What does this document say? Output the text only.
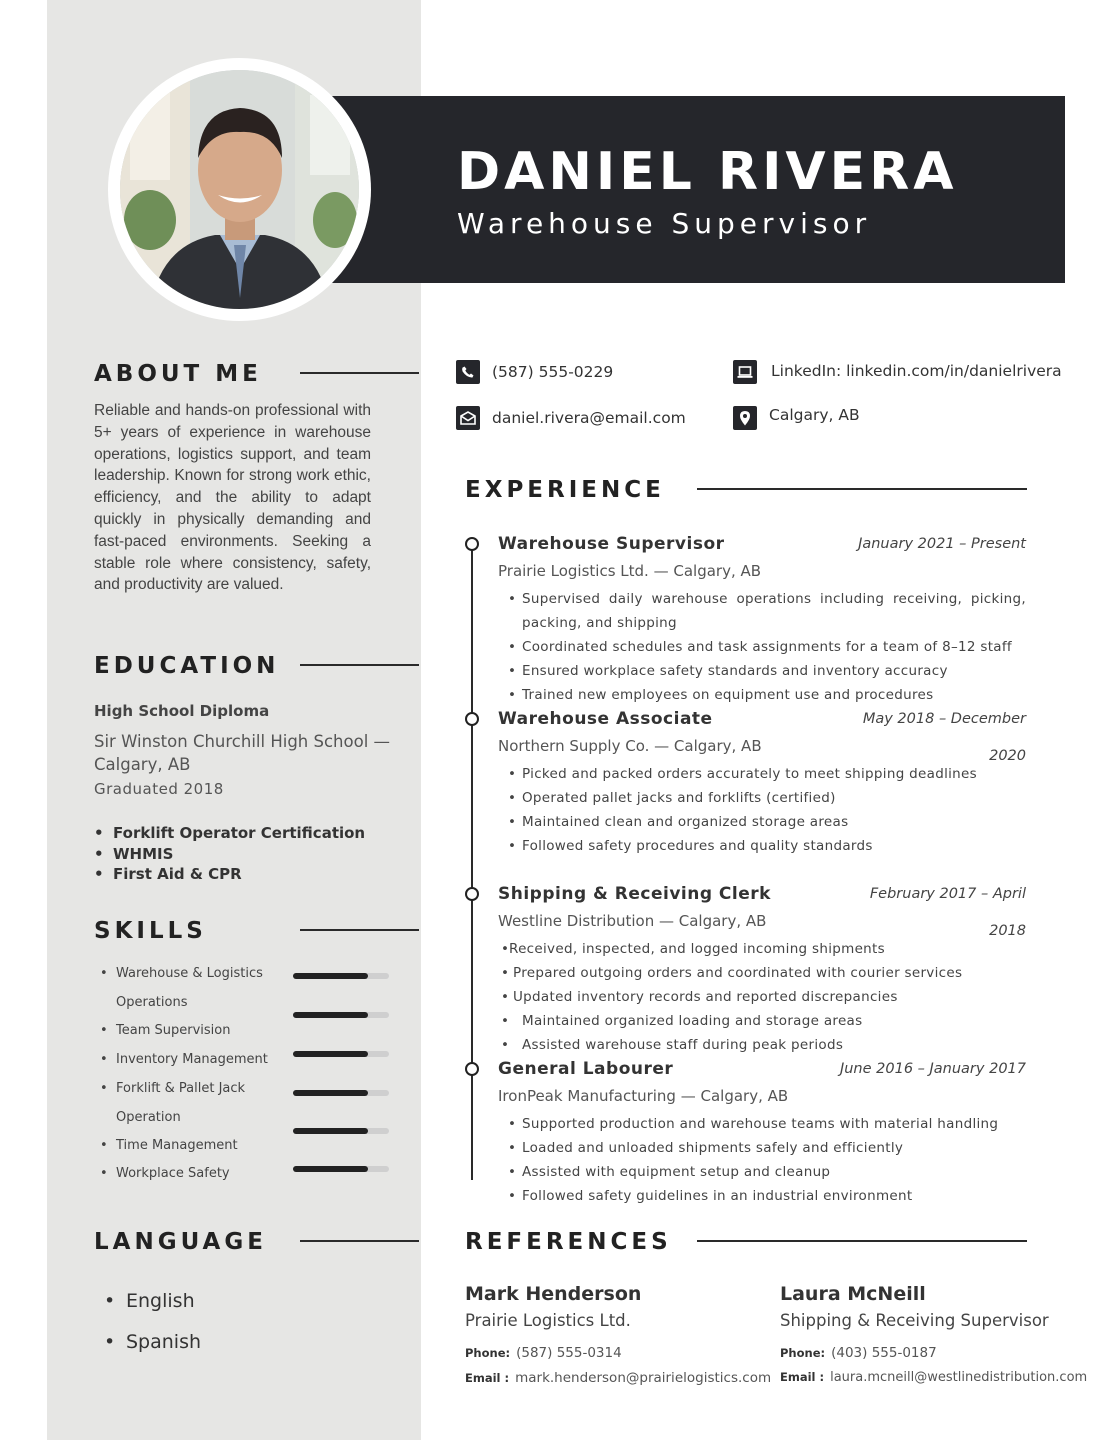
DANIEL RIVERA
Warehouse Supervisor
ABOUT ME
Reliable and hands-on professional with 5+ years of experience in warehouse operations, logistics support, and team leadership. Known for strong work ethic, efficiency, and the ability to adapt quickly in physically demanding and fast-paced environments. Seeking a stable role where consistency, safety, and productivity are valued.
EDUCATION
High School Diploma
Sir Winston Churchill High School — Calgary, AB
Graduated 2018
• Forklift Operator Certification
• WHMIS
• First Aid & CPR
SKILLS
• Warehouse & Logistics
Operations
• Team Supervision
• Inventory Management
• Forklift & Pallet Jack
Operation
• Time Management
• Workplace Safety
LANGUAGE
• English
• Spanish
(587) 555-0229
daniel.rivera@email.com
LinkedIn: linkedin.com/in/danielrivera
Calgary, AB
EXPERIENCE
Warehouse Supervisor	January 2021 – Present
Prairie Logistics Ltd. — Calgary, AB
• Supervised daily warehouse operations including receiving, picking, packing, and shipping
• Coordinated schedules and task assignments for a team of 8–12 staff
• Ensured workplace safety standards and inventory accuracy
• Trained new employees on equipment use and procedures
Warehouse Associate	May 2018 – December 2020
Northern Supply Co. — Calgary, AB
• Picked and packed orders accurately to meet shipping deadlines
• Operated pallet jacks and forklifts (certified)
• Maintained clean and organized storage areas
• Followed safety procedures and quality standards
Shipping & Receiving Clerk	February 2017 – April 2018
Westline Distribution — Calgary, AB
• Received, inspected, and logged incoming shipments
• Prepared outgoing orders and coordinated with courier services
• Updated inventory records and reported discrepancies
• Maintained organized loading and storage areas
• Assisted warehouse staff during peak periods
General Labourer	June 2016 – January 2017
IronPeak Manufacturing — Calgary, AB
• Supported production and warehouse teams with material handling
• Loaded and unloaded shipments safely and efficiently
• Assisted with equipment setup and cleanup
• Followed safety guidelines in an industrial environment
REFERENCES
Mark Henderson
Prairie Logistics Ltd.
Phone: (587) 555-0314
Email : mark.henderson@prairielogistics.com
Laura McNeill
Shipping & Receiving Supervisor
Phone: (403) 555-0187
Email : laura.mcneill@westlinedistribution.com
